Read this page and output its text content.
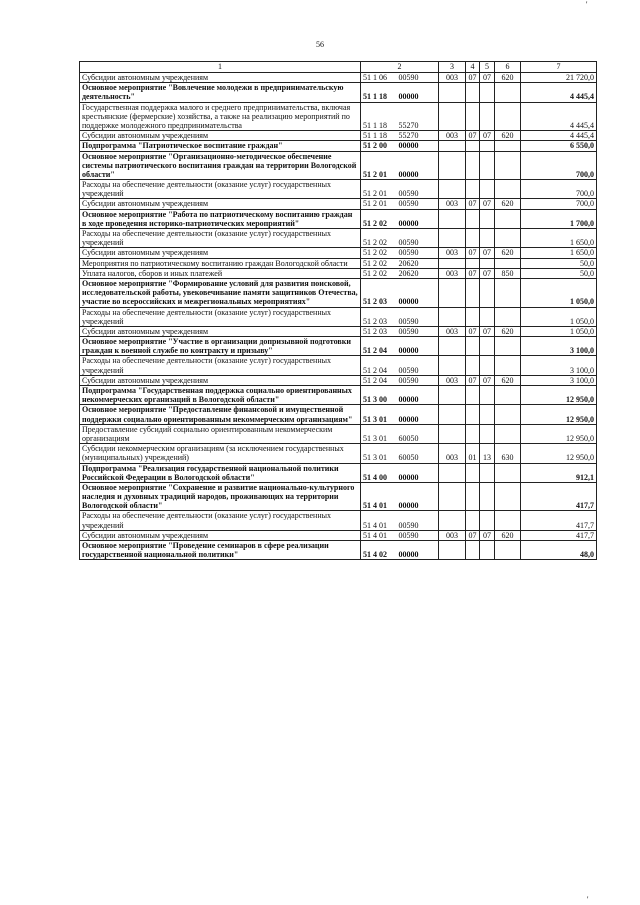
'
56
1	2		3	4	5	6	7
Субсидии автономным учреждениям	51 1 06	00590	003	07	07	620	21 720,0
Основное мероприятие "Вовлечение молодежи в предпринимательскую деятельность"	51 1 18	00000					4 445,4
Государственная поддержка малого и среднего предпринимательства, включая крестьянские (фермерские) хозяйства, а также на реализацию мероприятий по поддержке молодежного предпринимательства	51 1 18	55270					4 445,4
Субсидии автономным учреждениям	51 1 18	55270	003	07	07	620	4 445,4
Подпрограмма "Патриотическое воспитание граждан"	51 2 00	00000					6 550,0
Основное мероприятие "Организационно-методическое обеспечение системы патриотического воспитания граждан на территории Вологодской области"	51 2 01	00000					700,0
Расходы на обеспечение деятельности (оказание услуг) государственных учреждений	51 2 01	00590					700,0
Субсидии автономным учреждениям	51 2 01	00590	003	07	07	620	700,0
Основное мероприятие "Работа по патриотическому воспитанию граждан в ходе проведения историко-патриотических мероприятий"	51 2 02	00000					1 700,0
Расходы на обеспечение деятельности (оказание услуг) государственных учреждений	51 2 02	00590					1 650,0
Субсидии автономным учреждениям	51 2 02	00590	003	07	07	620	1 650,0
Мероприятия по патриотическому воспитанию граждан Вологодской области	51 2 02	20620					50,0
Уплата налогов, сборов и иных платежей	51 2 02	20620	003	07	07	850	50,0
Основное мероприятие "Формирование условий для развития поисковой, исследовательской работы, увековечивание памяти защитников Отечества, участие во всероссийских и межрегиональных мероприятиях"	51 2 03	00000					1 050,0
Расходы на обеспечение деятельности (оказание услуг) государственных учреждений	51 2 03	00590					1 050,0
Субсидии автономным учреждениям	51 2 03	00590	003	07	07	620	1 050,0
Основное мероприятие "Участие в организации допризывной подготовки граждан к военной службе по контракту и призыву"	51 2 04	00000					3 100,0
Расходы на обеспечение деятельности (оказание услуг) государственных учреждений	51 2 04	00590					3 100,0
Субсидии автономным учреждениям	51 2 04	00590	003	07	07	620	3 100,0
Подпрограмма "Государственная поддержка социально ориентированных некоммерческих организаций в Вологодской области"	51 3 00	00000					12 950,0
Основное мероприятие "Предоставление финансовой и имущественной поддержки социально ориентированным некоммерческим организациям"	51 3 01	00000					12 950,0
Предоставление субсидий социально ориентированным некоммерческим организациям	51 3 01	60050					12 950,0
Субсидии некоммерческим организациям (за исключением государственных (муниципальных) учреждений)	51 3 01	60050	003	01	13	630	12 950,0
Подпрограмма "Реализация государственной национальной политики Российской Федерации в Вологодской области"	51 4 00	00000					912,1
Основное мероприятие "Сохранение и развитие национально-культурного наследия и духовных традиций народов, проживающих на территории Вологодской области"	51 4 01	00000					417,7
Расходы на обеспечение деятельности (оказание услуг) государственных учреждений	51 4 01	00590					417,7
Субсидии автономным учреждениям	51 4 01	00590	003	07	07	620	417,7
Основное мероприятие "Проведение семинаров в сфере реализации государственной национальной политики"	51 4 02	00000					48,0
'
